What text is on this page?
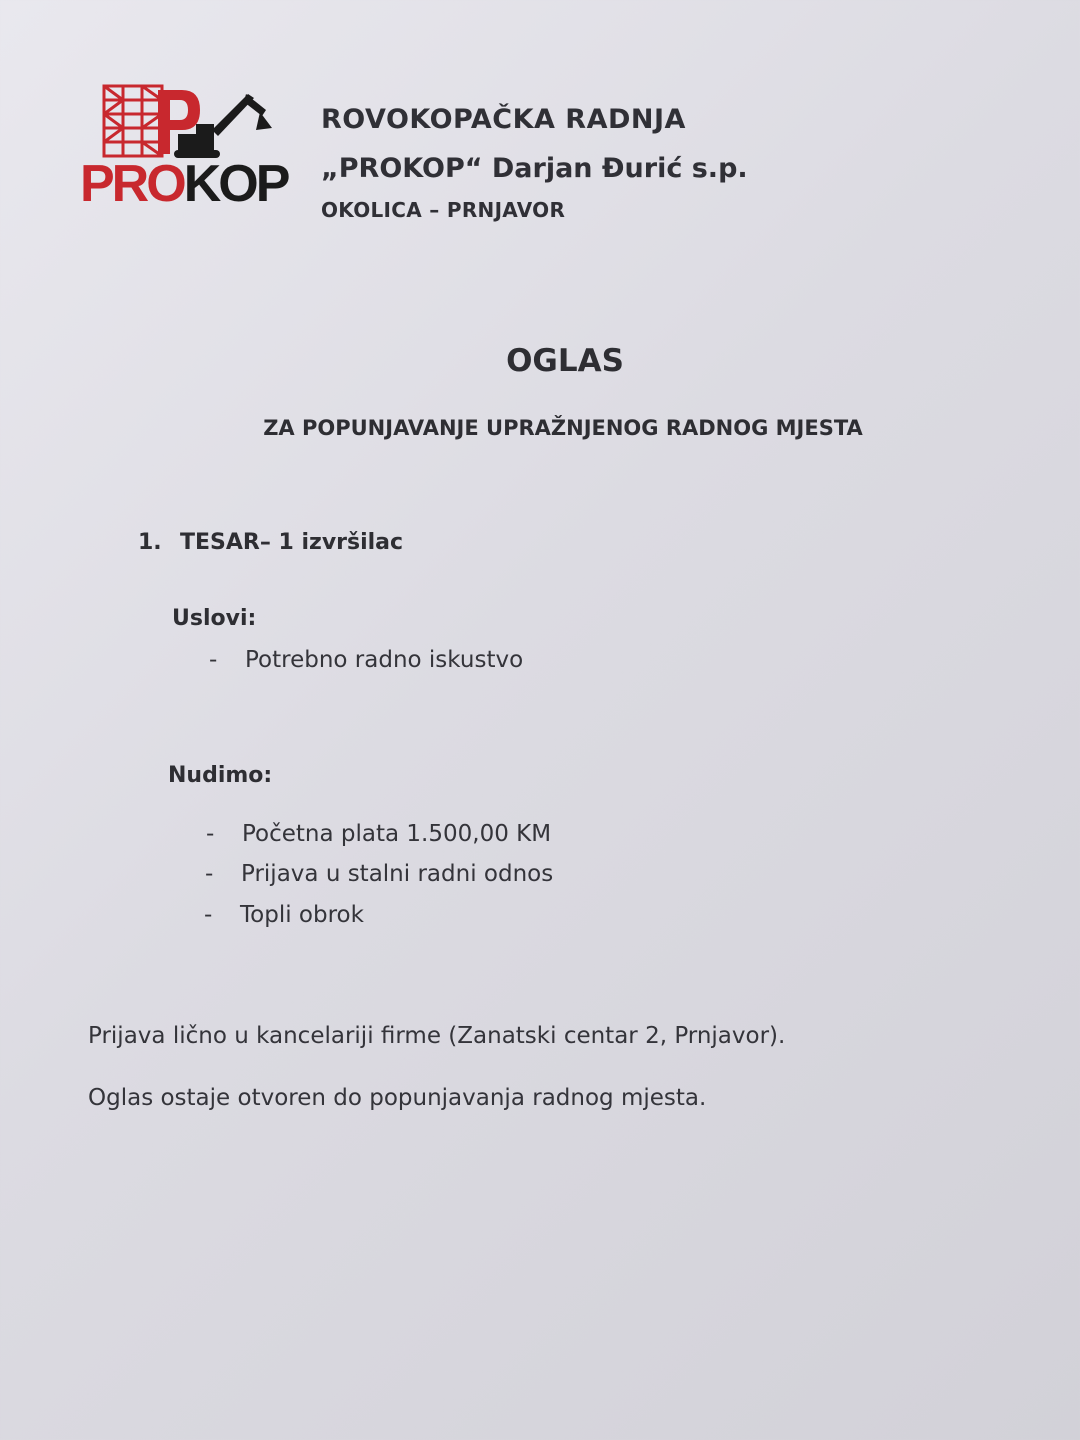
PROKOP
ROVOKOPAČKA RADNJA
„PROKOP“ Darjan Đurić s.p.
OKOLICA – PRNJAVOR
OGLAS
ZA POPUNJAVANJE UPRAŽNJENOG RADNOG MJESTA
1. TESAR– 1 izvršilac
Uslovi:
- Potrebno radno iskustvo
Nudimo:
- Početna plata 1.500,00 KM
- Prijava u stalni radni odnos
- Topli obrok
Prijava lično u kancelariji firme (Zanatski centar 2, Prnjavor).
Oglas ostaje otvoren do popunjavanja radnog mjesta.
